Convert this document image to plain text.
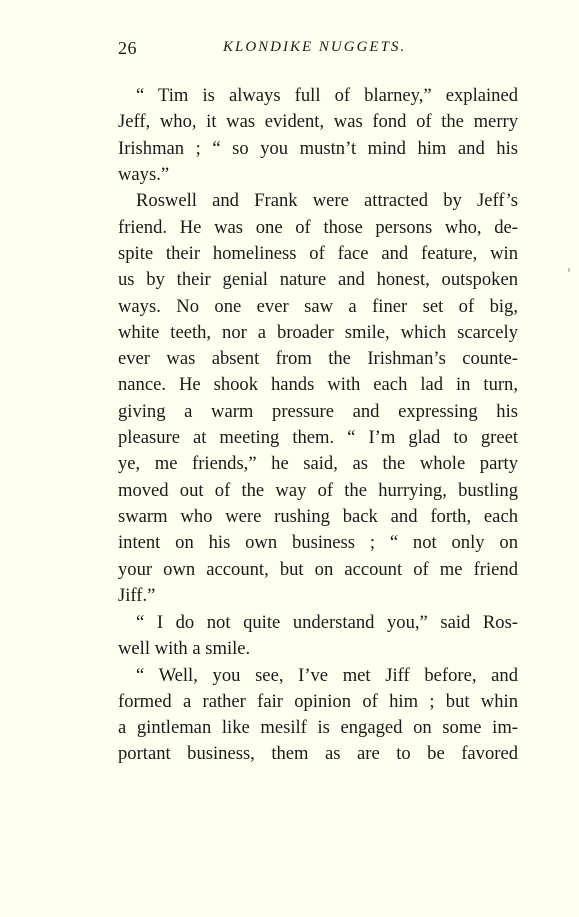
26	KLONDIKE NUGGETS.
“ Tim is always full of blarney,” explained
Jeff, who, it was evident, was fond of the merry
Irishman ; “ so you mustn’t mind him and his
ways.”
Roswell and Frank were attracted by Jeff’s
friend. He was one of those persons who, de-
spite their homeliness of face and feature, win
us by their genial nature and honest, outspoken
ways. No one ever saw a finer set of big,
white teeth, nor a broader smile, which scarcely
ever was absent from the Irishman’s counte-
nance. He shook hands with each lad in turn,
giving a warm pressure and expressing his
pleasure at meeting them. “ I’m glad to greet
ye, me friends,” he said, as the whole party
moved out of the way of the hurrying, bustling
swarm who were rushing back and forth, each
intent on his own business ; “ not only on
your own account, but on account of me friend
Jiff.”
“ I do not quite understand you,” said Ros-
well with a smile.
“ Well, you see, I’ve met Jiff before, and
formed a rather fair opinion of him ; but whin
a gintleman like mesilf is engaged on some im-
portant business, them as are to be favored
